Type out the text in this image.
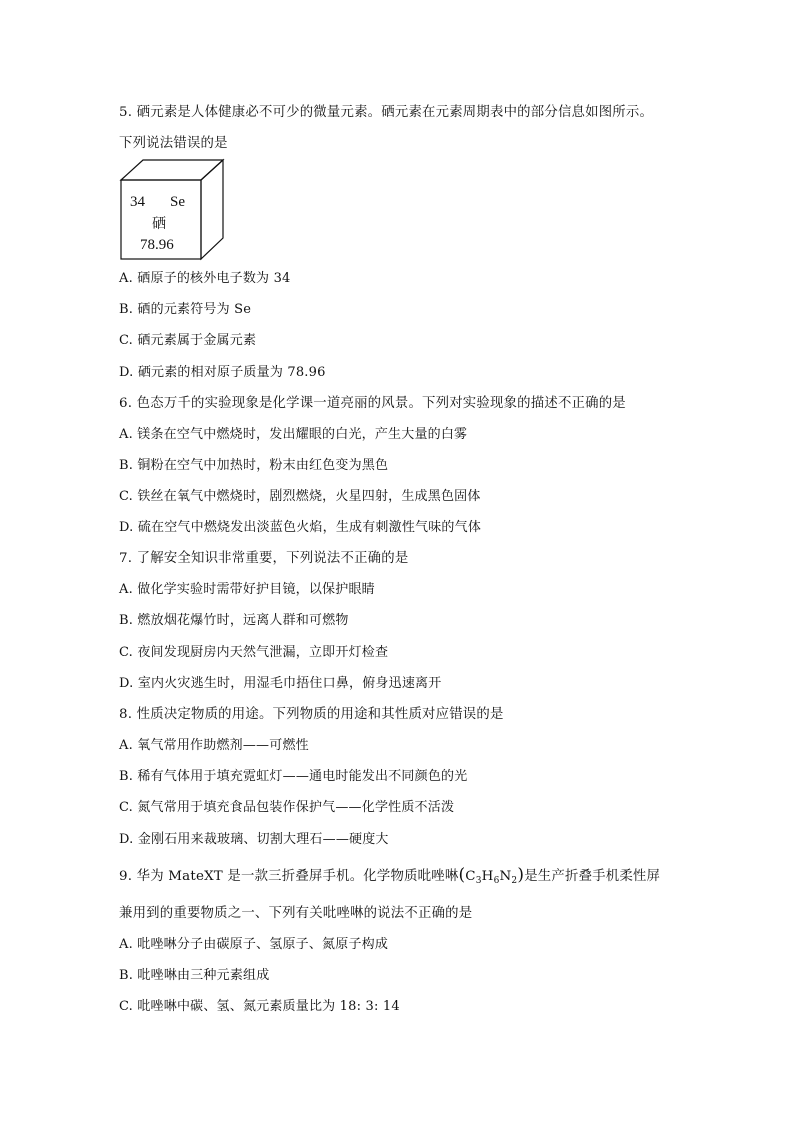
5. 硒元素是人体健康必不可少的微量元素。硒元素在元素周期表中的部分信息如图所示。
下列说法错误的是
34 Se
硒
78.96
A. 硒原子的核外电子数为 34
B. 硒的元素符号为 Se
C. 硒元素属于金属元素
D. 硒元素的相对原子质量为 78.96
6. 色态万千的实验现象是化学课一道亮丽的风景。下列对实验现象的描述不正确的是
A. 镁条在空气中燃烧时，发出耀眼的白光，产生大量的白雾
B. 铜粉在空气中加热时，粉末由红色变为黑色
C. 铁丝在氧气中燃烧时，剧烈燃烧，火星四射，生成黑色固体
D. 硫在空气中燃烧发出淡蓝色火焰，生成有刺激性气味的气体
7. 了解安全知识非常重要，下列说法不正确的是
A. 做化学实验时需带好护目镜，以保护眼睛
B. 燃放烟花爆竹时，远离人群和可燃物
C. 夜间发现厨房内天然气泄漏，立即开灯检查
D. 室内火灾逃生时，用湿毛巾捂住口鼻，俯身迅速离开
8. 性质决定物质的用途。下列物质的用途和其性质对应错误的是
A. 氧气常用作助燃剂——可燃性
B. 稀有气体用于填充霓虹灯——通电时能发出不同颜色的光
C. 氮气常用于填充食品包装作保护气——化学性质不活泼
D. 金刚石用来裁玻璃、切割大理石——硬度大
9. 华为 MateXT 是一款三折叠屏手机。化学物质吡唑啉$(C_3H_6N_2)$是生产折叠手机柔性屏
兼用到的重要物质之一、下列有关吡唑啉的说法不正确的是
A. 吡唑啉分子由碳原子、氢原子、氮原子构成
B. 吡唑啉由三种元素组成
C. 吡唑啉中碳、氢、氮元素质量比为 18: 3: 14
